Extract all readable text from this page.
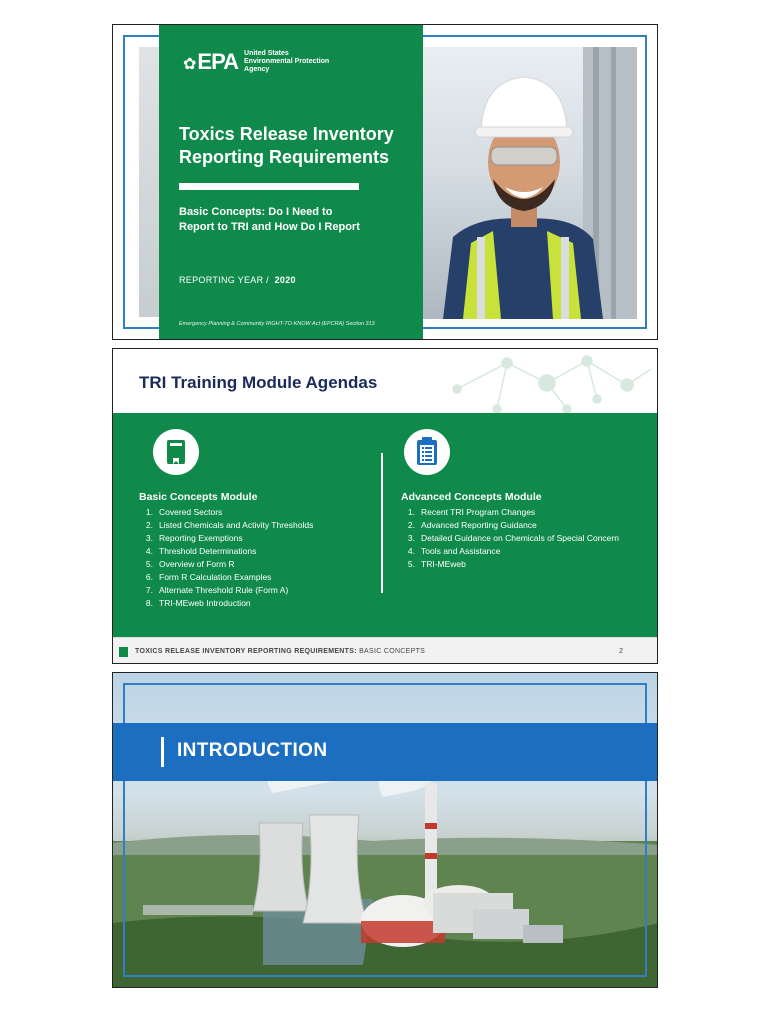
✿EPA United States
Environmental Protection
Agency
Toxics Release Inventory
Reporting Requirements
Basic Concepts: Do I Need to
Report to TRI and How Do I Report
REPORTING YEAR / 2020
Emergency Planning & Community RIGHT-TO-KNOW Act (EPCRA) Section 313
TRI Training Module Agendas
Basic Concepts Module
1. Covered Sectors
2. Listed Chemicals and Activity Thresholds
3. Reporting Exemptions
4. Threshold Determinations
5. Overview of Form R
6. Form R Calculation Examples
7. Alternate Threshold Rule (Form A)
8. TRI-MEweb Introduction
Advanced Concepts Module
1. Recent TRI Program Changes
2. Advanced Reporting Guidance
3. Detailed Guidance on Chemicals of Special Concern
4. Tools and Assistance
5. TRI-MEweb
TOXICS RELEASE INVENTORY REPORTING REQUIREMENTS: BASIC CONCEPTS	2
INTRODUCTION
